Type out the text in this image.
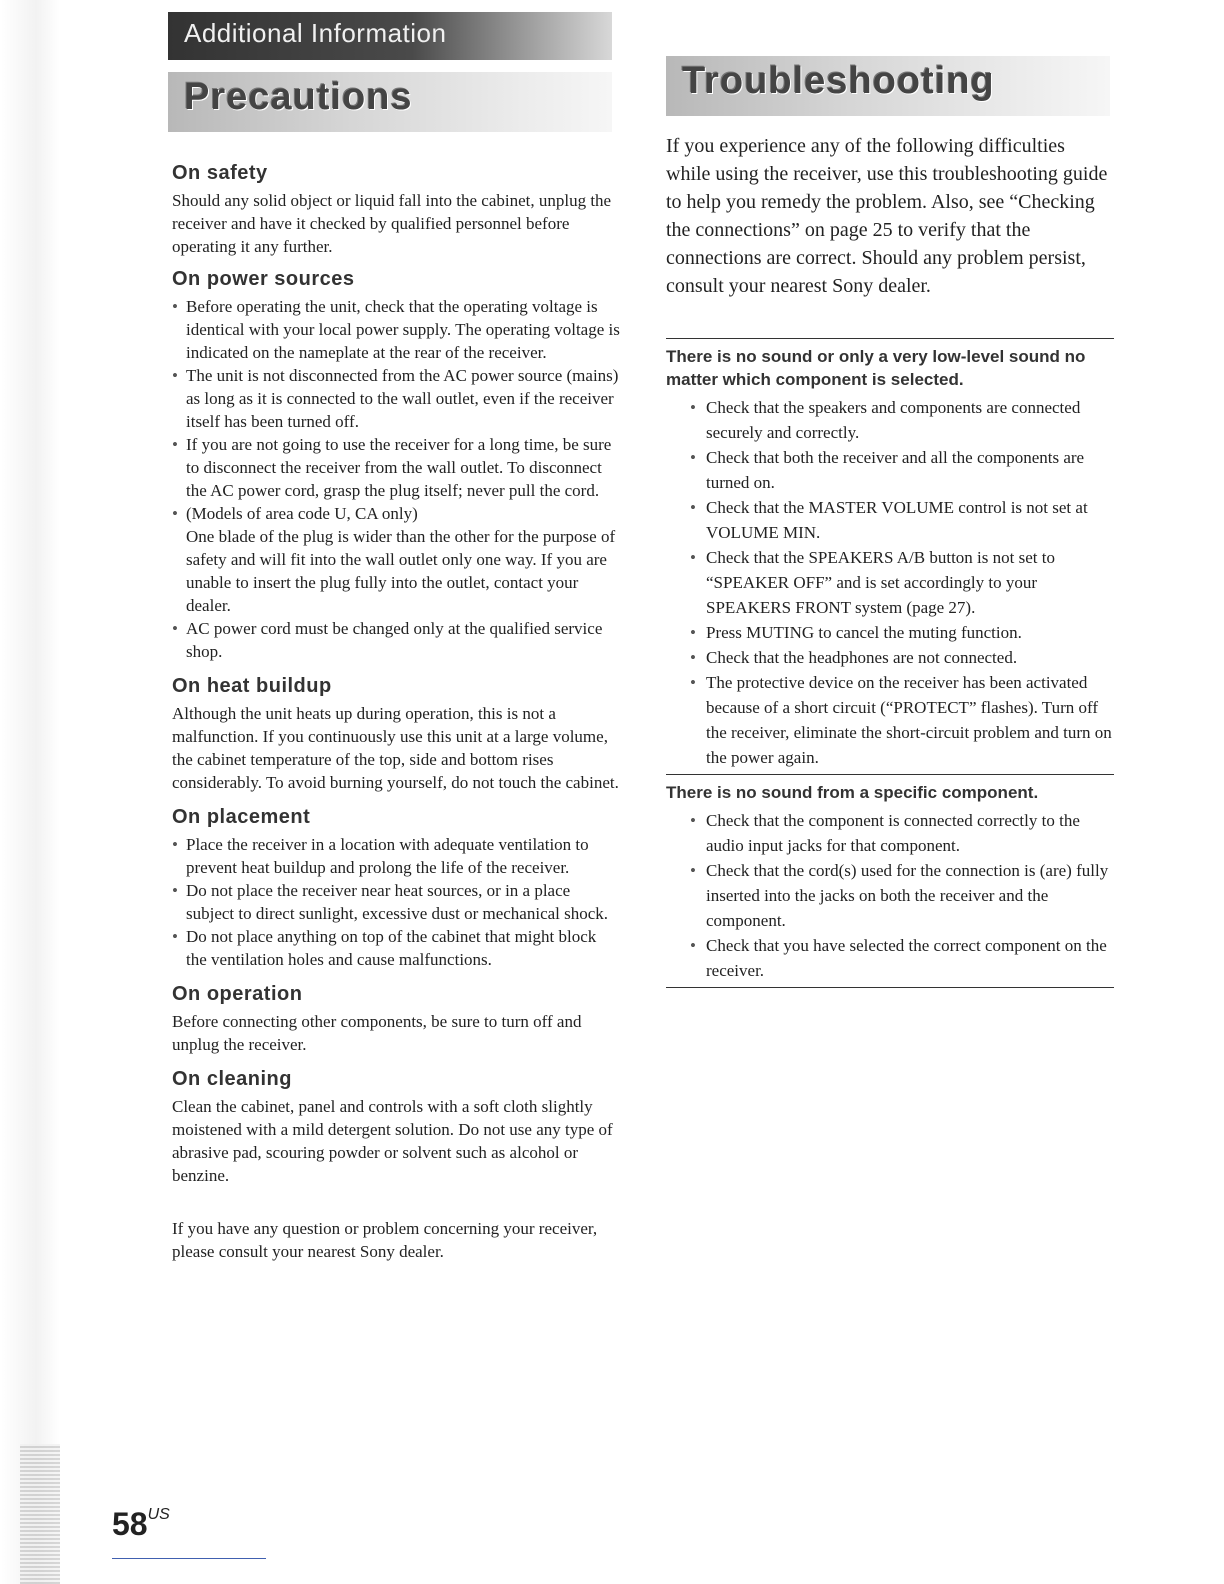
Additional Information
Precautions	Troubleshooting
On safety

Should any solid object or liquid fall into the cabinet, unplug the receiver and have it checked by qualified personnel before operating it any further.

On power sources
• Before operating the unit, check that the operating voltage is identical with your local power supply. The operating voltage is indicated on the nameplate at the rear of the receiver.
• The unit is not disconnected from the AC power source (mains) as long as it is connected to the wall outlet, even if the receiver itself has been turned off.
• If you are not going to use the receiver for a long time, be sure to disconnect the receiver from the wall outlet. To disconnect the AC power cord, grasp the plug itself; never pull the cord.
• (Models of area code U, CA only)
One blade of the plug is wider than the other for the purpose of safety and will fit into the wall outlet only one way. If you are unable to insert the plug fully into the outlet, contact your dealer.
• AC power cord must be changed only at the qualified service shop.
On heat buildup

Although the unit heats up during operation, this is not a malfunction. If you continuously use this unit at a large volume, the cabinet temperature of the top, side and bottom rises considerably. To avoid burning yourself, do not touch the cabinet.

On placement
• Place the receiver in a location with adequate ventilation to prevent heat buildup and prolong the life of the receiver.
• Do not place the receiver near heat sources, or in a place subject to direct sunlight, excessive dust or mechanical shock.
• Do not place anything on top of the cabinet that might block the ventilation holes and cause malfunctions.
On operation

Before connecting other components, be sure to turn off and unplug the receiver.

On cleaning

Clean the cabinet, panel and controls with a soft cloth slightly moistened with a mild detergent solution. Do not use any type of abrasive pad, scouring powder or solvent such as alcohol or benzine.

If you have any question or problem concerning your receiver, please consult your nearest Sony dealer.

If you experience any of the following difficulties while using the receiver, use this troubleshooting guide to help you remedy the problem. Also, see “Checking the connections” on page 25 to verify that the connections are correct. Should any problem persist, consult your nearest Sony dealer.

There is no sound or only a very low-level sound no matter which component is selected.

• Check that the speakers and components are connected securely and correctly.
• Check that both the receiver and all the components are turned on.
• Check that the MASTER VOLUME control is not set at VOLUME MIN.
• Check that the SPEAKERS A/B button is not set to “SPEAKER OFF” and is set accordingly to your SPEAKERS FRONT system (page 27).
• Press MUTING to cancel the muting function.
• Check that the headphones are not connected.
• The protective device on the receiver has been activated because of a short circuit (“PROTECT” flashes). Turn off the receiver, eliminate the short-circuit problem and turn on the power again.

There is no sound from a specific component.

• Check that the component is connected correctly to the audio input jacks for that component.
• Check that the cord(s) used for the connection is (are) fully inserted into the jacks on both the receiver and the component.
• Check that you have selected the correct component on the receiver.
$58^{US}$
